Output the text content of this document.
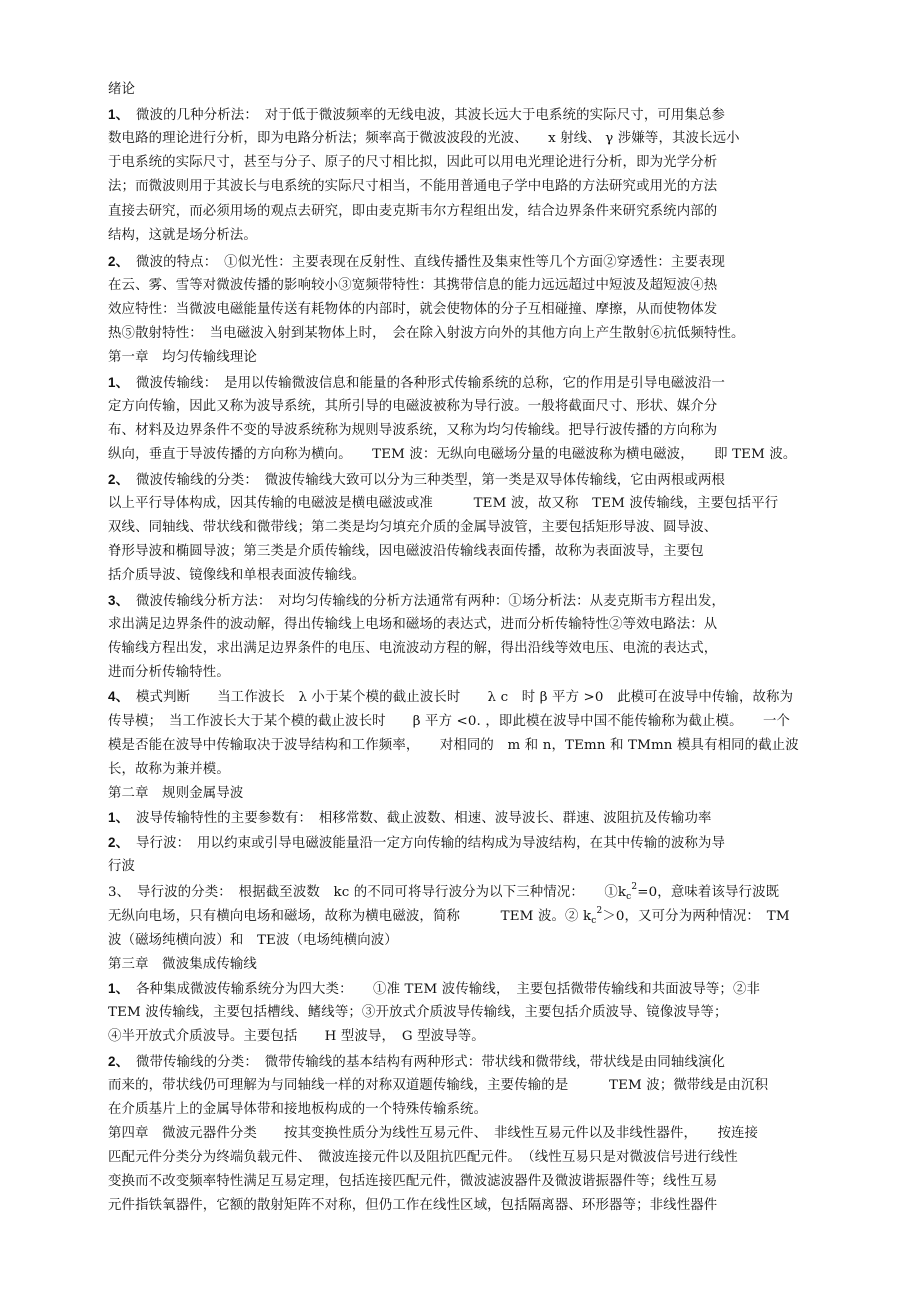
绪论

1、　微波的几种分析法：　对于低于微波频率的无线电波，其波长远大于电系统的实际尺寸，可用集总参

数电路的理论进行分析，即为电路分析法；频率高于微波波段的光波、　　x 射线、 γ 涉嫌等，其波长远小

于电系统的实际尺寸，甚至与分子、原子的尺寸相比拟，因此可以用电光理论进行分析，即为光学分析

法；而微波则用于其波长与电系统的实际尺寸相当，不能用普通电子学中电路的方法研究或用光的方法

直接去研究，而必须用场的观点去研究，即由麦克斯韦尔方程组出发，结合边界条件来研究系统内部的

结构，这就是场分析法。

2、　微波的特点：　①似光性：主要表现在反射性、直线传播性及集束性等几个方面②穿透性：主要表现

在云、雾、雪等对微波传播的影响较小③宽频带特性：其携带信息的能力远远超过中短波及超短波④热

效应特性：当微波电磁能量传送有耗物体的内部时，就会使物体的分子互相碰撞、摩擦，从而使物体发

热⑤散射特性：　当电磁波入射到某物体上时，　会在除入射波方向外的其他方向上产生散射⑥抗低频特性。

第一章　均匀传输线理论

1、　微波传输线：　是用以传输微波信息和能量的各种形式传输系统的总称，它的作用是引导电磁波沿一

定方向传输，因此又称为波导系统，其所引导的电磁波被称为导行波。一般将截面尺寸、形状、媒介分

布、材料及边界条件不变的导波系统称为规则导波系统，又称为均匀传输线。把导行波传播的方向称为

纵向，垂直于导波传播的方向称为横向。　　TEM 波：无纵向电磁场分量的电磁波称为横电磁波，　　即 TEM 波。

2、　微波传输线的分类：　微波传输线大致可以分为三种类型，第一类是双导体传输线，它由两根或两根

以上平行导体构成，因其传输的电磁波是横电磁波或准　　　TEM 波，故又称　TEM 波传输线，主要包括平行

双线、同轴线、带状线和微带线；第二类是均匀填充介质的金属导波管，主要包括矩形导波、圆导波、

脊形导波和椭圆导波；第三类是介质传输线，因电磁波沿传输线表面传播，故称为表面波导，主要包

括介质导波、镜像线和单根表面波传输线。

3、　微波传输线分析方法：　对均匀传输线的分析方法通常有两种：①场分析法：从麦克斯韦方程出发，

求出满足边界条件的波动解，得出传输线上电场和磁场的表达式，进而分析传输特性②等效电路法：从

传输线方程出发，求出满足边界条件的电压、电流波动方程的解，得出沿线等效电压、电流的表达式，

进而分析传输特性。

4、　模式判断　　当工作波长　λ 小于某个模的截止波长时　　λ c　时 β 平方 >0　此模可在波导中传输，故称为

传导模；　当工作波长大于某个模的截止波长时　　β 平方 <0. ，即此模在波导中国不能传输称为截止模。　　一个

模是否能在波导中传输取决于波导结构和工作频率，　　对相同的　m 和 n，TEmn 和 TMmn 模具有相同的截止波

长，故称为兼并模。

第二章　规则金属导波

1、　波导传输特性的主要参数有：　相移常数、截止波数、相速、波导波长、群速、波阻抗及传输功率

2、　导行波：　用以约束或引导电磁波能量沿一定方向传输的结构成为导波结构，在其中传输的波称为导

行波

3、　导行波的分类：　根据截至波数　kc 的不同可将导行波分为以下三种情况：　　$①k_c^2=0$，意味着该导行波既

无纵向电场，只有横向电场和磁场，故称为横电磁波，简称　　　TEM 波。② $k_c^2>0$，又可分为两种情况：　TM

波（磁场纯横向波）和　TE波（电场纯横向波）

第三章　微波集成传输线

1、　各种集成微波传输系统分为四大类：　　①准 TEM 波传输线，　主要包括微带传输线和共面波导等；②非

TEM 波传输线，主要包括槽线、鳍线等；③开放式介质波导传输线，主要包括介质波导、镜像波导等；

④半开放式介质波导。主要包括　　H 型波导，　G 型波导等。

2、　微带传输线的分类：　微带传输线的基本结构有两种形式：带状线和微带线，带状线是由同轴线演化

而来的，带状线仍可理解为与同轴线一样的对称双道题传输线，主要传输的是　　　TEM 波；微带线是由沉积

在介质基片上的金属导体带和接地板构成的一个特殊传输系统。

第四章　微波元器件分类　　按其变换性质分为线性互易元件、　非线性互易元件以及非线性器件，　　按连接

匹配元件分类分为终端负载元件、　微波连接元件以及阻抗匹配元件。　（线性互易只是对微波信号进行线性

变换而不改变频率特性满足互易定理，包括连接匹配元件，微波滤波器件及微波谐振器件等；线性互易

元件指铁氧器件，它额的散射矩阵不对称，但仍工作在线性区域，包括隔离器、环形器等；非线性器件
